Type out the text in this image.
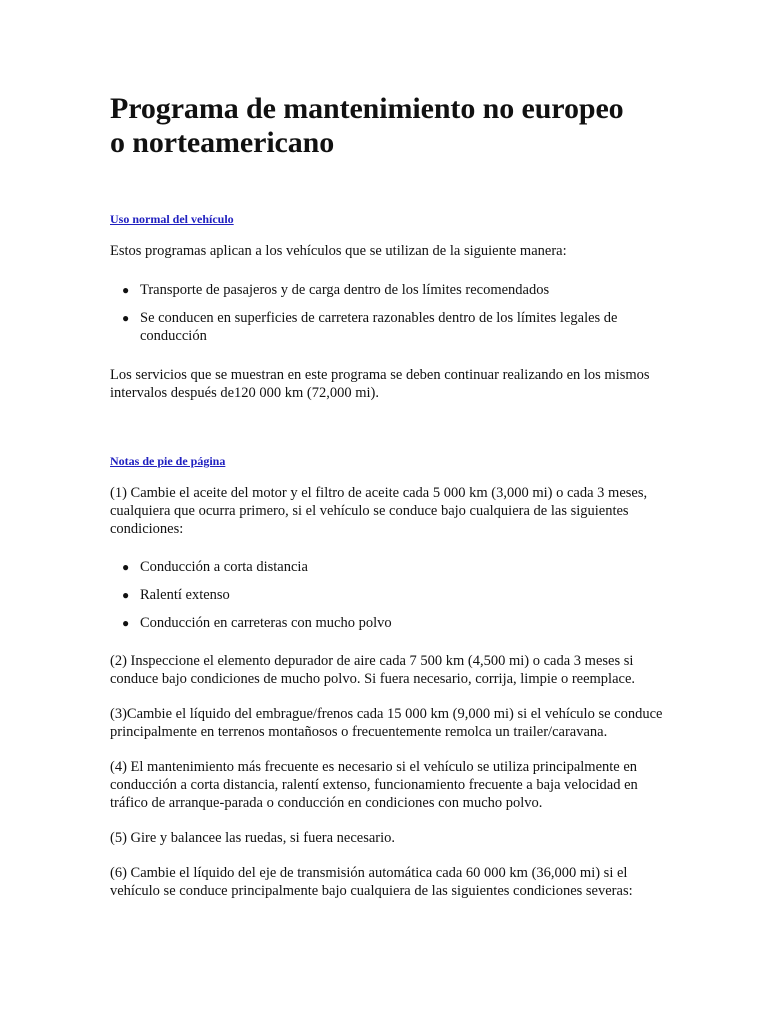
Programa de mantenimiento no europeo
o norteamericano
Uso normal del vehículo

Estos programas aplican a los vehículos que se utilizan de la siguiente manera:

● Transporte de pasajeros y de carga dentro de los límites recomendados
● Se conducen en superficies de carretera razonables dentro de los límites legales de conducción

Los servicios que se muestran en este programa se deben continuar realizando en los mismos intervalos después de120 000 km (72,000 mi).

Notas de pie de página

(1) Cambie el aceite del motor y el filtro de aceite cada 5 000 km (3,000 mi) o cada 3 meses, cualquiera que ocurra primero, si el vehículo se conduce bajo cualquiera de las siguientes condiciones:

● Conducción a corta distancia
● Ralentí extenso
● Conducción en carreteras con mucho polvo

(2) Inspeccione el elemento depurador de aire cada 7 500 km (4,500 mi) o cada 3 meses si conduce bajo condiciones de mucho polvo. Si fuera necesario, corrija, limpie o reemplace.

(3)Cambie el líquido del embrague/frenos cada 15 000 km (9,000 mi) si el vehículo se conduce principalmente en terrenos montañosos o frecuentemente remolca un trailer/caravana.

(4) El mantenimiento más frecuente es necesario si el vehículo se utiliza principalmente en conducción a corta distancia, ralentí extenso, funcionamiento frecuente a baja velocidad en tráfico de arranque-parada o conducción en condiciones con mucho polvo.

(5) Gire y balancee las ruedas, si fuera necesario.

(6) Cambie el líquido del eje de transmisión automática cada 60 000 km (36,000 mi) si el vehículo se conduce principalmente bajo cualquiera de las siguientes condiciones severas:
